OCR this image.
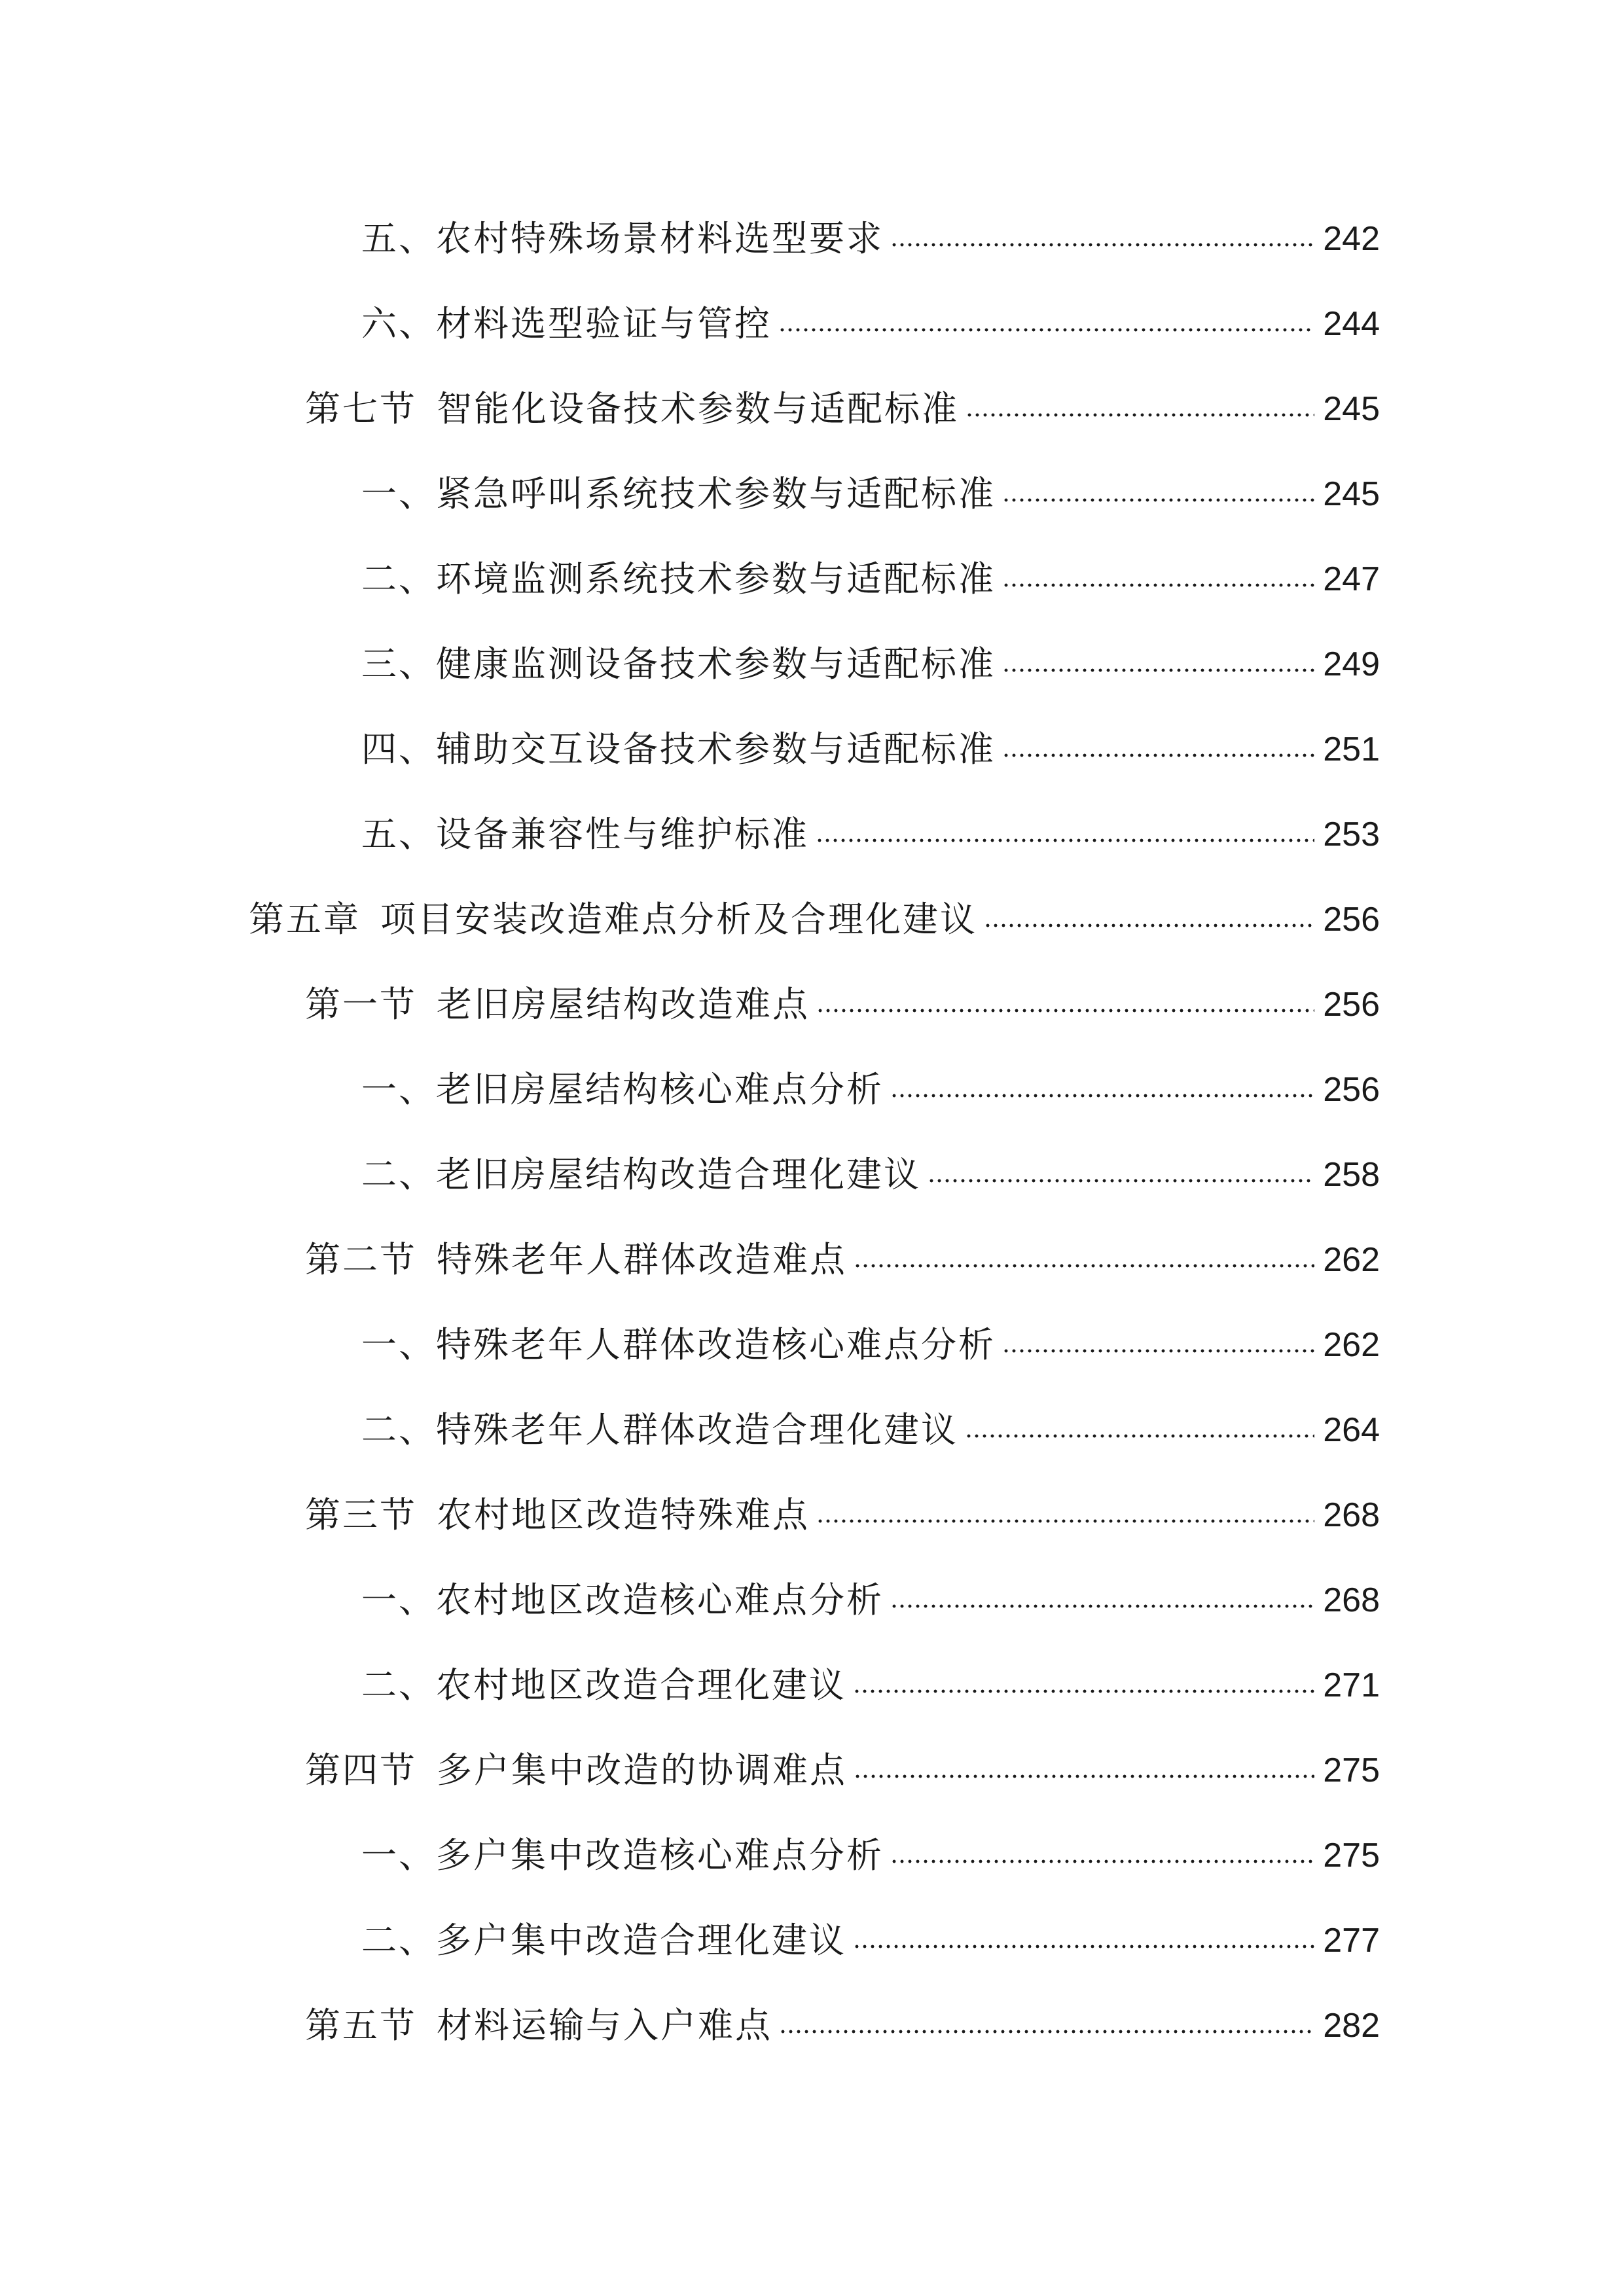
五、农村特殊场景材料选型要求	242
六、材料选型验证与管控	244
第七节 智能化设备技术参数与适配标准	245
一、紧急呼叫系统技术参数与适配标准	245
二、环境监测系统技术参数与适配标准	247
三、健康监测设备技术参数与适配标准	249
四、辅助交互设备技术参数与适配标准	251
五、设备兼容性与维护标准	253
第五章 项目安装改造难点分析及合理化建议	256
第一节 老旧房屋结构改造难点	256
一、老旧房屋结构核心难点分析	256
二、老旧房屋结构改造合理化建议	258
第二节 特殊老年人群体改造难点	262
一、特殊老年人群体改造核心难点分析	262
二、特殊老年人群体改造合理化建议	264
第三节 农村地区改造特殊难点	268
一、农村地区改造核心难点分析	268
二、农村地区改造合理化建议	271
第四节 多户集中改造的协调难点	275
一、多户集中改造核心难点分析	275
二、多户集中改造合理化建议	277
第五节 材料运输与入户难点	282
